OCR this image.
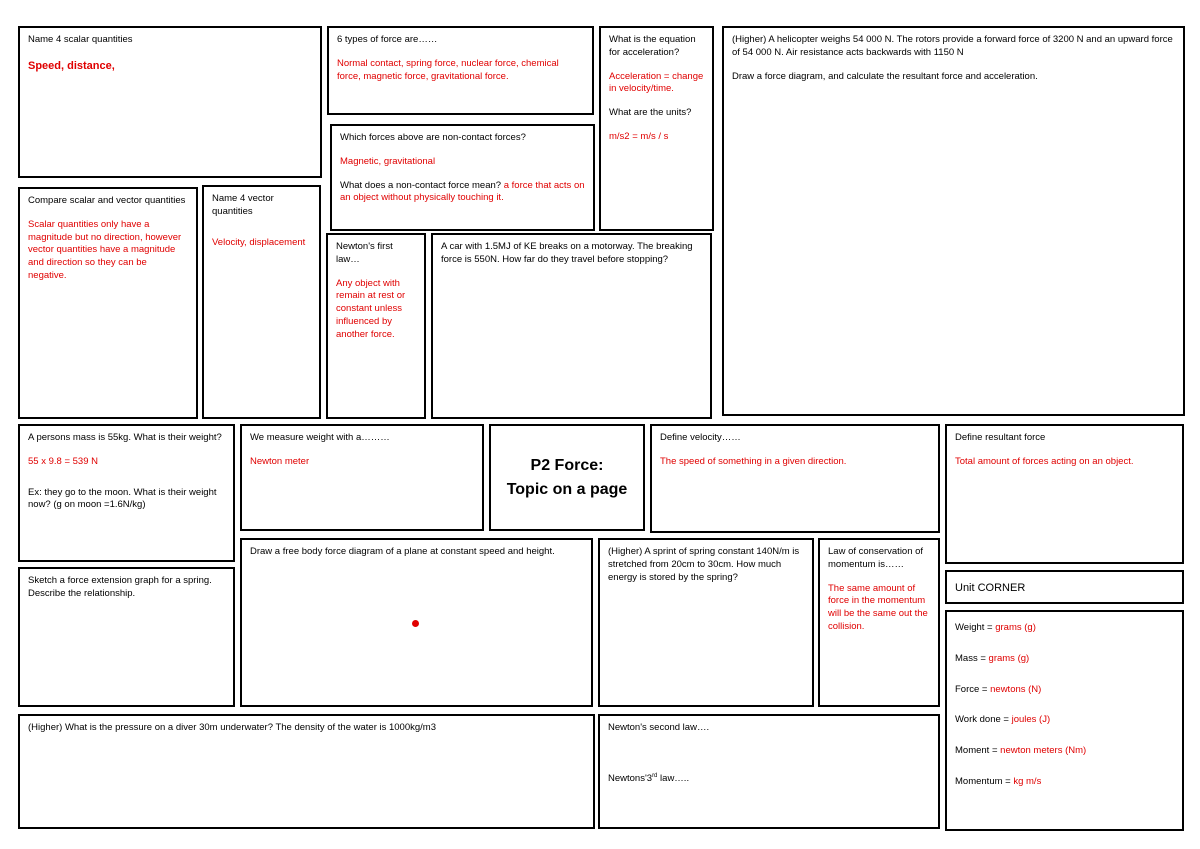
Name 4 scalar quantities
Speed, distance,
6 types of force are……
Normal contact, spring force, nuclear force, chemical force, magnetic force, gravitational force.
What is the equation for acceleration?
Acceleration = change in velocity/time.
What are the units?
m/s2 = m/s / s
(Higher) A helicopter weighs 54 000 N. The rotors provide a forward force of 3200 N and an upward force of 54 000 N. Air resistance acts backwards with 1150 N
Draw a force diagram, and calculate the resultant force and acceleration.
Which forces above are non-contact forces?
Magnetic, gravitational
What does a non-contact force mean? a force that acts on an object without physically touching it.
Compare scalar and vector quantities
Scalar quantities only have a magnitude but no direction, however vector quantities have a magnitude and direction so they can be negative.
Name 4 vector quantities
Velocity, displacement	Newton's first law…
Any object with remain at rest or constant unless influenced by another force.
A car with 1.5MJ of KE breaks on a motorway. The breaking force is 550N. How far do they travel before stopping?
A persons mass is 55kg. What is their weight?
55 x 9.8 = 539 N
Ex: they go to the moon. What is their weight now? (g on moon =1.6N/kg)
We measure weight with a………
Newton meter	P2 Force:
Topic on a page
Define velocity……
The speed of something in a given direction.
Define resultant force
Total amount of forces acting on an object.
Draw a free body force diagram of a plane at constant speed and height.	(Higher) A sprint of spring constant 140N/m is stretched from 20cm to 30cm. How much energy is stored by the spring?
Law of conservation of momentum is……
The same amount of force in the momentum will be the same out the collision.
Unit CORNER
Weight = grams (g)
Mass = grams (g)
Force = newtons (N)
Work done = joules (J)
Moment = newton meters (Nm)
Momentum = kg m/s
Sketch a force extension graph for a spring. Describe the relationship.
(Higher) What is the pressure on a diver 30m underwater? The density of the water is 1000kg/m3	Newton's second law….
Newtons'3rd law…..
